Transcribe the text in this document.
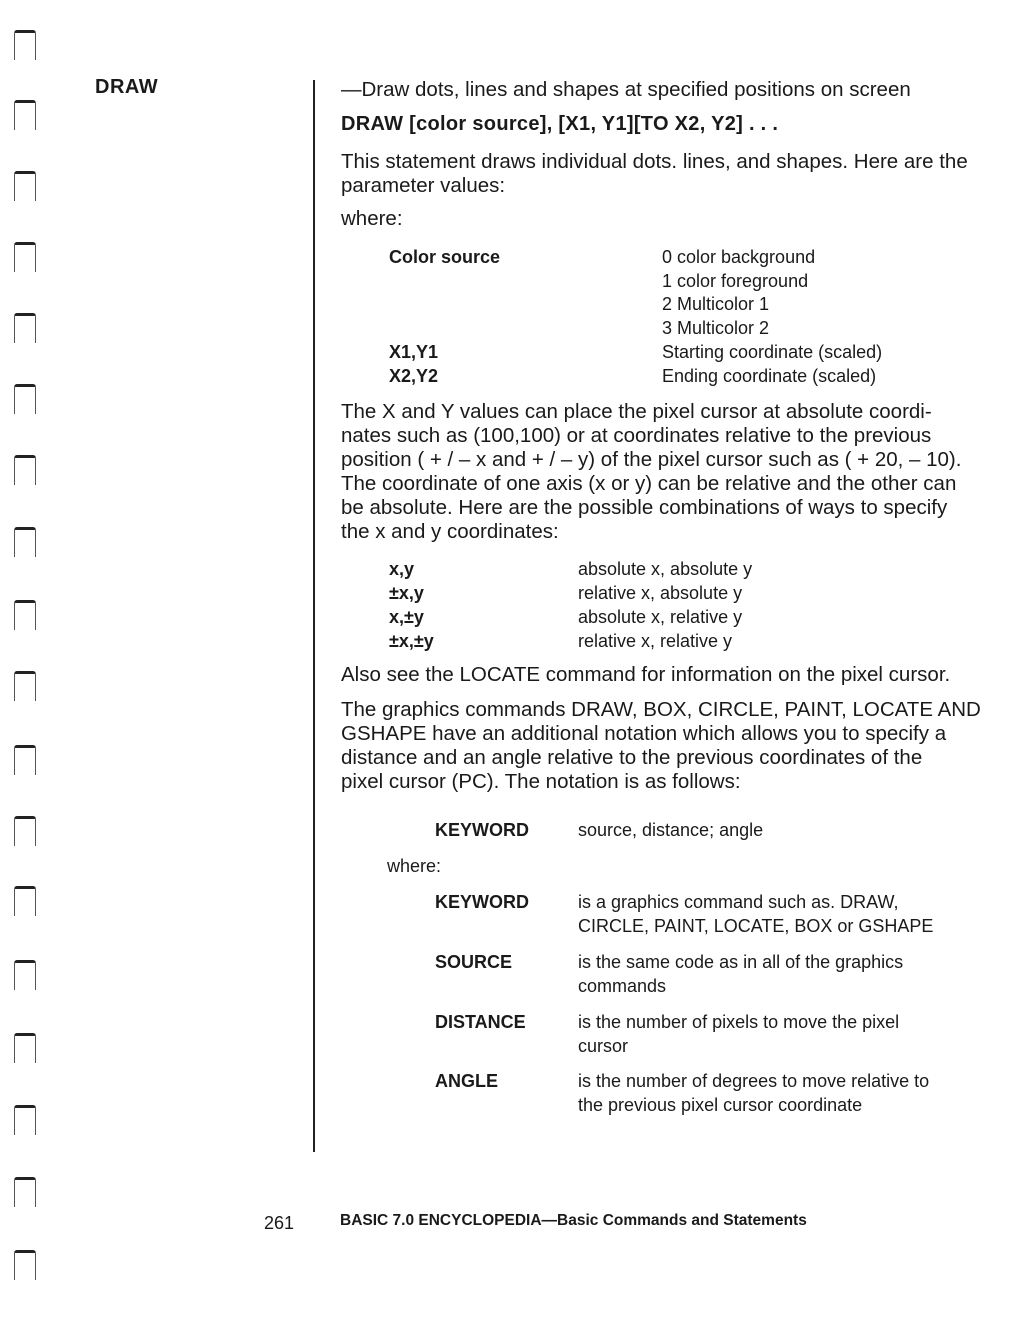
DRAW	—Draw dots, lines and shapes at specified positions on screen
DRAW [color source], [X1, Y1][TO X2, Y2] . . .
This statement draws individual dots. lines, and shapes. Here are the
parameter values:
where:
Color source	0 color background
1 color foreground
2 Multicolor 1
3 Multicolor 2
X1,Y1	Starting coordinate (scaled)
X2,Y2	Ending coordinate (scaled)
The X and Y values can place the pixel cursor at absolute coordi-
nates such as (100,100) or at coordinates relative to the previous
position ( + / – x and + / – y) of the pixel cursor such as ( + 20, – 10).
The coordinate of one axis (x or y) can be relative and the other can
be absolute. Here are the possible combinations of ways to specify
the x and y coordinates:
x,y	absolute x, absolute y
±x,y	relative x, absolute y
x,±y	absolute x, relative y
±x,±y	relative x, relative y
Also see the LOCATE command for information on the pixel cursor.
The graphics commands DRAW, BOX, CIRCLE, PAINT, LOCATE AND
GSHAPE have an additional notation which allows you to specify a
distance and an angle relative to the previous coordinates of the
pixel cursor (PC). The notation is as follows:
KEYWORD	source, distance; angle
where:
KEYWORD	is a graphics command such as. DRAW,
CIRCLE, PAINT, LOCATE, BOX or GSHAPE
SOURCE	is the same code as in all of the graphics
commands
DISTANCE	is the number of pixels to move the pixel
cursor
ANGLE	is the number of degrees to move relative to
the previous pixel cursor coordinate
261	BASIC 7.0 ENCYCLOPEDIA—Basic Commands and Statements
